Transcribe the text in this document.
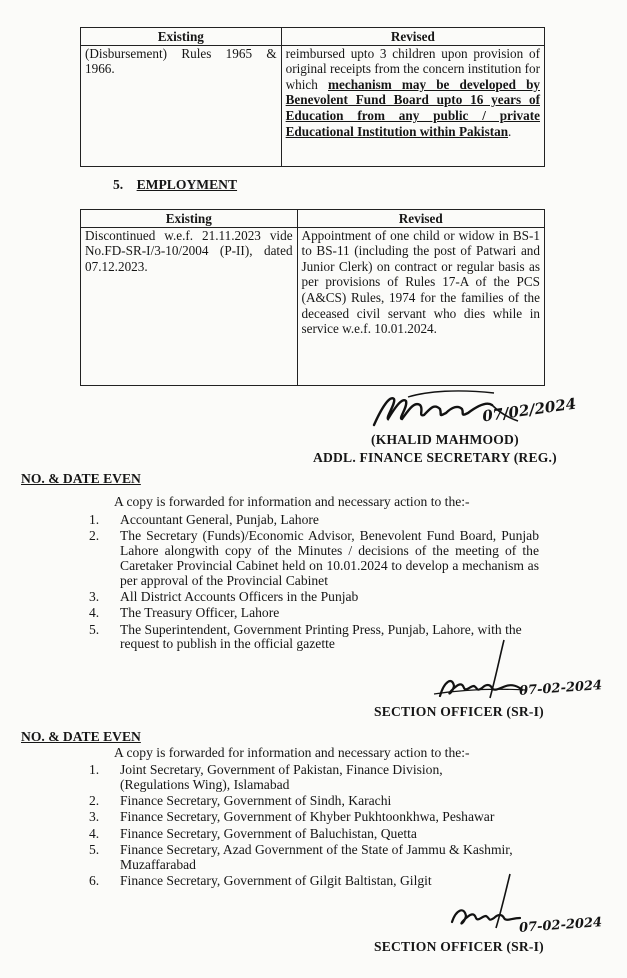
Existing	Revised

(Disbursement) Rules 1965 &
1966.	reimbursed upto 3 children upon provision of original receipts from the concern institution for which mechanism may be developed by Benevolent Fund Board upto 16 years of Education from any public / private Educational Institution within Pakistan.
5. EMPLOYMENT
Existing	Revised
Discontinued w.e.f. 21.11.2023 vide No.FD-SR-I/3-10/2004 (P-II), dated 07.12.2023.	Appointment of one child or widow in BS-1 to BS-11 (including the post of Patwari and Junior Clerk) on contract or regular basis as per provisions of Rules 17-A of the PCS (A&CS) Rules, 1974 for the families of the deceased civil servant who dies while in service w.e.f. 10.01.2024.
07/02/2024
(KHALID MAHMOOD)
ADDL. FINANCE SECRETARY (REG.)
NO. & DATE EVEN
A copy is forwarded for information and necessary action to the:-
1. Accountant General, Punjab, Lahore
2. The Secretary (Funds)/Economic Advisor, Benevolent Fund Board, Punjab Lahore alongwith copy of the Minutes / decisions of the meeting of the Caretaker Provincial Cabinet held on 10.01.2024 to develop a mechanism as per approval of the Provincial Cabinet
3. All District Accounts Officers in the Punjab
4. The Treasury Officer, Lahore
5. The Superintendent, Government Printing Press, Punjab, Lahore, with the request to publish in the official gazette
07-02-2024
SECTION OFFICER (SR-I)
NO. & DATE EVEN
A copy is forwarded for information and necessary action to the:-
1. Joint Secretary, Government of Pakistan, Finance Division, (Regulations Wing), Islamabad
2. Finance Secretary, Government of Sindh, Karachi
3. Finance Secretary, Government of Khyber Pukhtoonkhwa, Peshawar
4. Finance Secretary, Government of Baluchistan, Quetta
5. Finance Secretary, Azad Government of the State of Jammu & Kashmir, Muzaffarabad
6. Finance Secretary, Government of Gilgit Baltistan, Gilgit
07-02-2024
SECTION OFFICER (SR-I)
